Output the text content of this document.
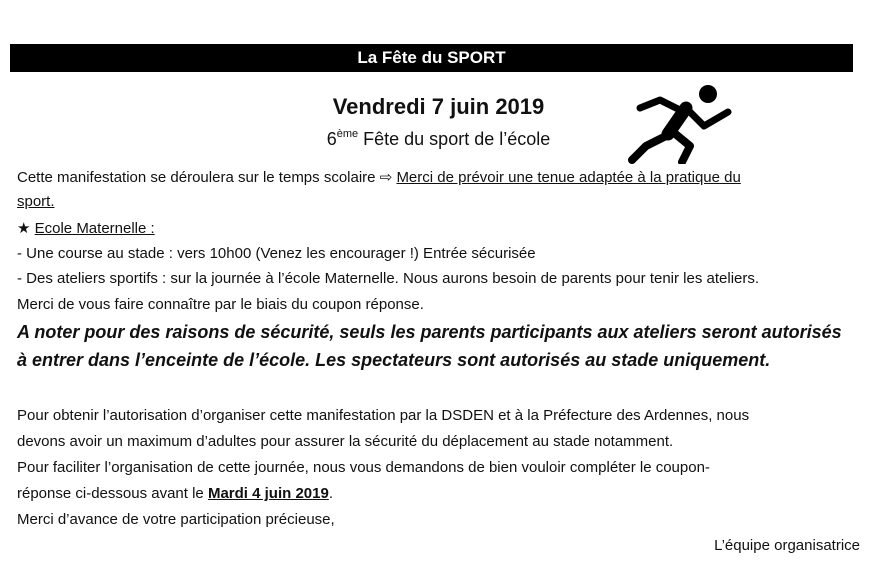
La Fête du SPORT
Vendredi 7 juin 2019
6ème Fête du sport de l’école
Cette manifestation se déroulera sur le temps scolaire ⇨ Merci de prévoir une tenue adaptée à la pratique du
sport.
★ Ecole Maternelle :
- Une course au stade : vers 10h00 (Venez les encourager !) Entrée sécurisée
- Des ateliers sportifs : sur la journée à l’école Maternelle. Nous aurons besoin de parents pour tenir les ateliers.
Merci de vous faire connaître par le biais du coupon réponse.
A noter pour des raisons de sécurité, seuls les parents participants aux ateliers seront autorisés
à entrer dans l’enceinte de l’école. Les spectateurs sont autorisés au stade uniquement.
Pour obtenir l’autorisation d’organiser cette manifestation par la DSDEN et à la Préfecture des Ardennes, nous
devons avoir un maximum d’adultes pour assurer la sécurité du déplacement au stade notamment.
Pour faciliter l’organisation de cette journée, nous vous demandons de bien vouloir compléter le coupon-
réponse ci-dessous avant le Mardi 4 juin 2019.
Merci d’avance de votre participation précieuse,
L’équipe organisatrice
